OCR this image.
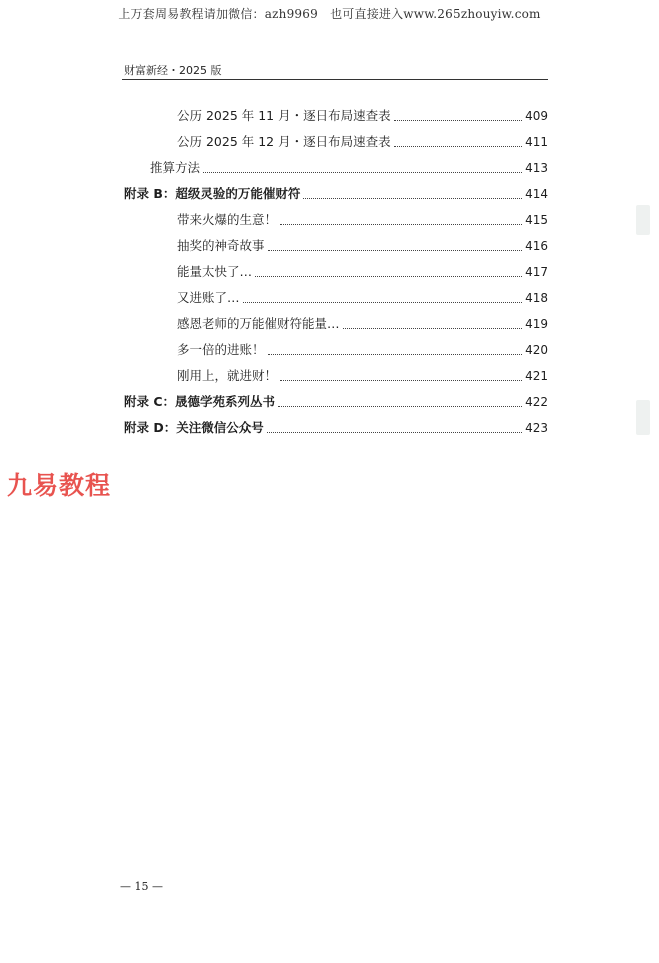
上万套周易教程请加微信：azh9969　也可直接进入www.265zhouyiw.com
财富新经・2025 版
公历 2025 年 11 月・逐日布局速查表	409
公历 2025 年 12 月・逐日布局速查表	411
推算方法	413
附录 B：超级灵验的万能催财符	414
带来火爆的生意！	415
抽奖的神奇故事	416
能量太快了…	417
又进账了…	418
感恩老师的万能催财符能量…	419
多一倍的进账！	420
刚用上，就进财！	421
附录 C：晟德学苑系列丛书	422
附录 D：关注微信公众号	423
九易教程
— 15 —
